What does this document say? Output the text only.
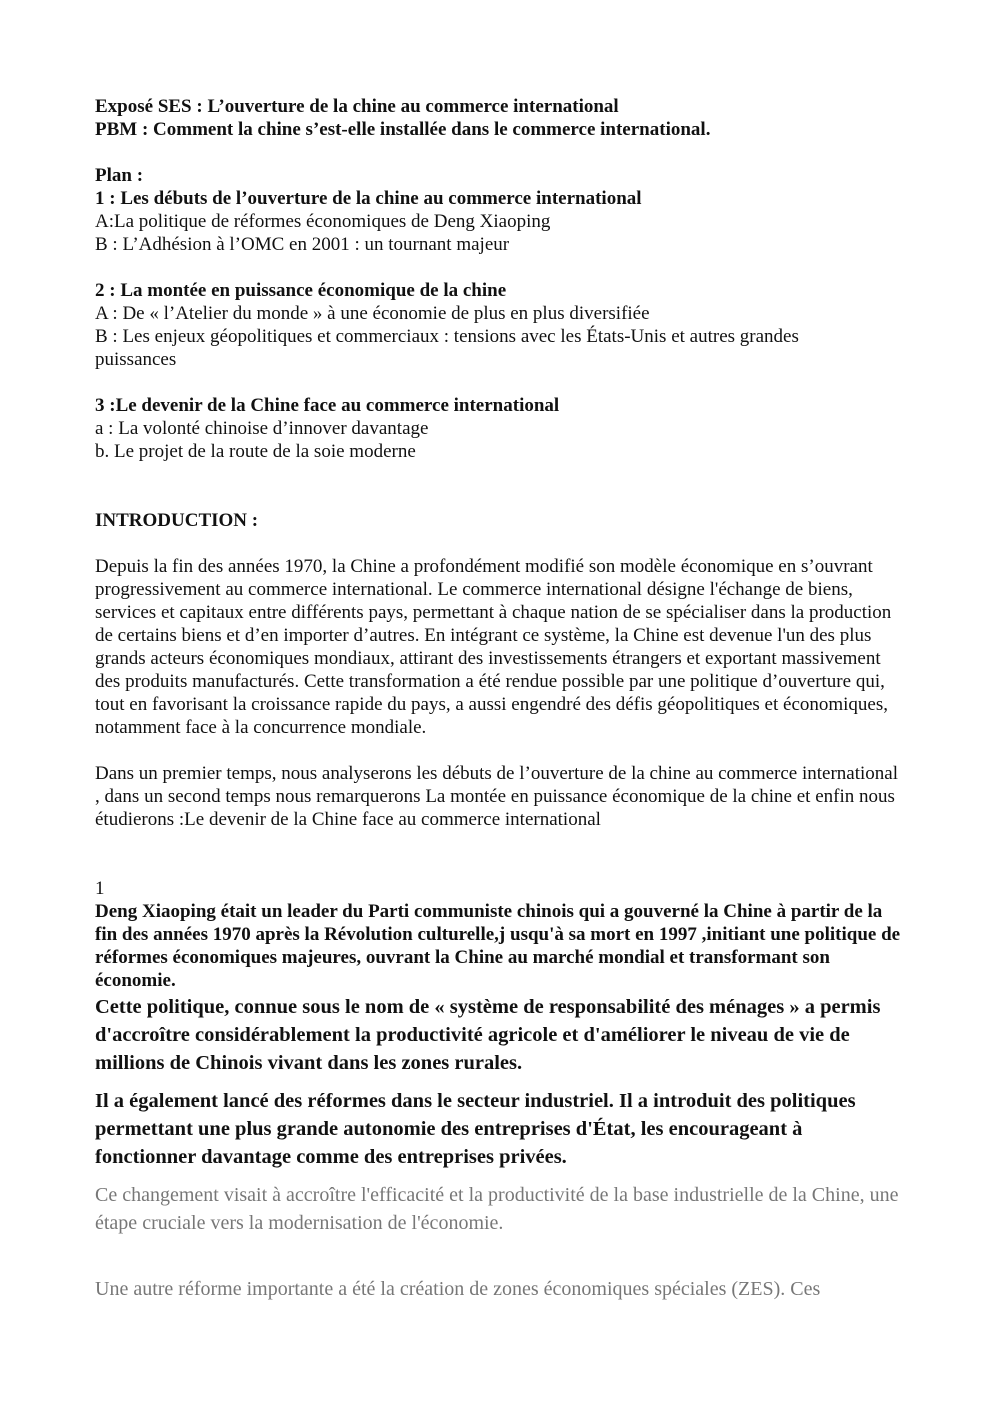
Exposé SES : L’ouverture de la chine au commerce international

PBM : Comment la chine s’est-elle installée dans le commerce international.

Plan :

1 : Les débuts de l’ouverture de la chine au commerce international

A:La politique de réformes économiques de Deng Xiaoping

B : L’Adhésion à l’OMC en 2001 : un tournant majeur

2 : La montée en puissance économique de la chine

A : De « l’Atelier du monde » à une économie de plus en plus diversifiée

B : Les enjeux géopolitiques et commerciaux : tensions avec les États-Unis et autres grandes puissances

3 :Le devenir de la Chine face au commerce international

a : La volonté chinoise d’innover davantage

b. Le projet de la route de la soie moderne

INTRODUCTION :

Depuis la fin des années 1970, la Chine a profondément modifié son modèle économique en s’ouvrant progressivement au commerce international. Le commerce international désigne l'échange de biens, services et capitaux entre différents pays, permettant à chaque nation de se spécialiser dans la production de certains biens et d’en importer d’autres. En intégrant ce système, la Chine est devenue l'un des plus grands acteurs économiques mondiaux, attirant des investissements étrangers et exportant massivement des produits manufacturés. Cette transformation a été rendue possible par une politique d’ouverture qui, tout en favorisant la croissance rapide du pays, a aussi engendré des défis géopolitiques et économiques, notamment face à la concurrence mondiale.

Dans un premier temps, nous analyserons les débuts de l’ouverture de la chine au commerce international , dans un second temps nous remarquerons La montée en puissance économique de la chine et enfin nous étudierons :Le devenir de la Chine face au commerce international

1

Deng Xiaoping était un leader du Parti communiste chinois qui a gouverné la Chine à partir de la fin des années 1970 après la Révolution culturelle,j usqu'à sa mort en 1997 ,initiant une politique de réformes économiques majeures, ouvrant la Chine au marché mondial et transformant son économie.

Cette politique, connue sous le nom de « système de responsabilité des ménages » a permis d'accroître considérablement la productivité agricole et d'améliorer le niveau de vie de millions de Chinois vivant dans les zones rurales.

Il a également lancé des réformes dans le secteur industriel. Il a introduit des politiques permettant une plus grande autonomie des entreprises d'État, les encourageant à fonctionner davantage comme des entreprises privées.

Ce changement visait à accroître l'efficacité et la productivité de la base industrielle de la Chine, une étape cruciale vers la modernisation de l'économie.

Une autre réforme importante a été la création de zones économiques spéciales (ZES). Ces
